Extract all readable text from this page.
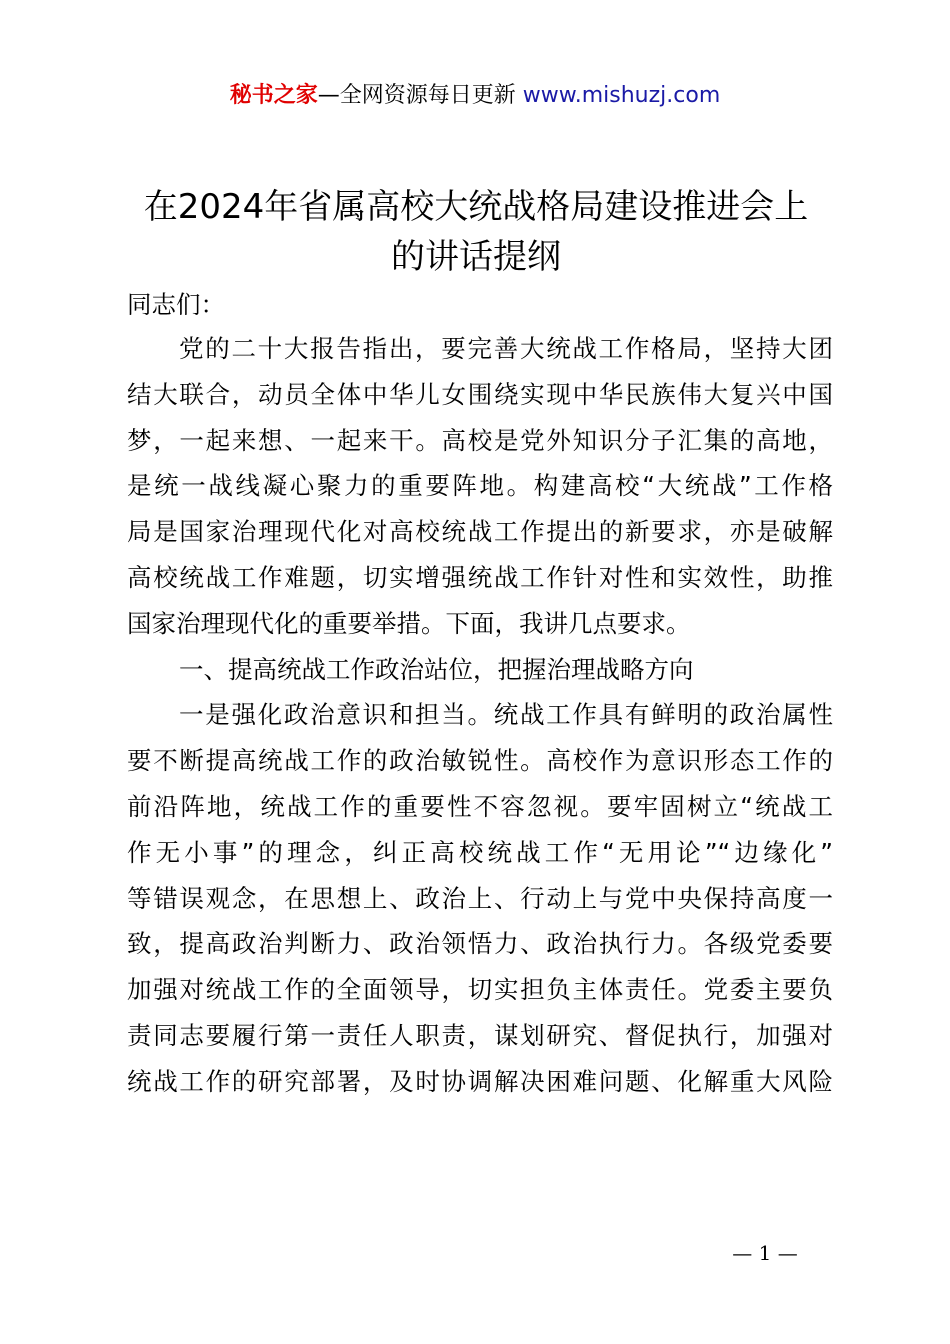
秘书之家—全网资源每日更新 www.mishuzj.com
在2024年省属高校大统战格局建设推进会上
的讲话提纲
同志们：
党的二十大报告指出，要完善大统战工作格局，坚持大团
结大联合，动员全体中华儿女围绕实现中华民族伟大复兴中国
梦，一起来想、一起来干。高校是党外知识分子汇集的高地，
是统一战线凝心聚力的重要阵地。构建高校“大统战”工作格
局是国家治理现代化对高校统战工作提出的新要求，亦是破解
高校统战工作难题，切实增强统战工作针对性和实效性，助推
国家治理现代化的重要举措。下面，我讲几点要求。
一、提高统战工作政治站位，把握治理战略方向
一是强化政治意识和担当。统战工作具有鲜明的政治属性
要不断提高统战工作的政治敏锐性。高校作为意识形态工作的
前沿阵地，统战工作的重要性不容忽视。要牢固树立“统战工
作无小事”的理念，纠正高校统战工作“无用论”“边缘化”
等错误观念，在思想上、政治上、行动上与党中央保持高度一
致，提高政治判断力、政治领悟力、政治执行力。各级党委要
加强对统战工作的全面领导，切实担负主体责任。党委主要负
责同志要履行第一责任人职责，谋划研究、督促执行，加强对
统战工作的研究部署，及时协调解决困难问题、化解重大风险
— 1 —
